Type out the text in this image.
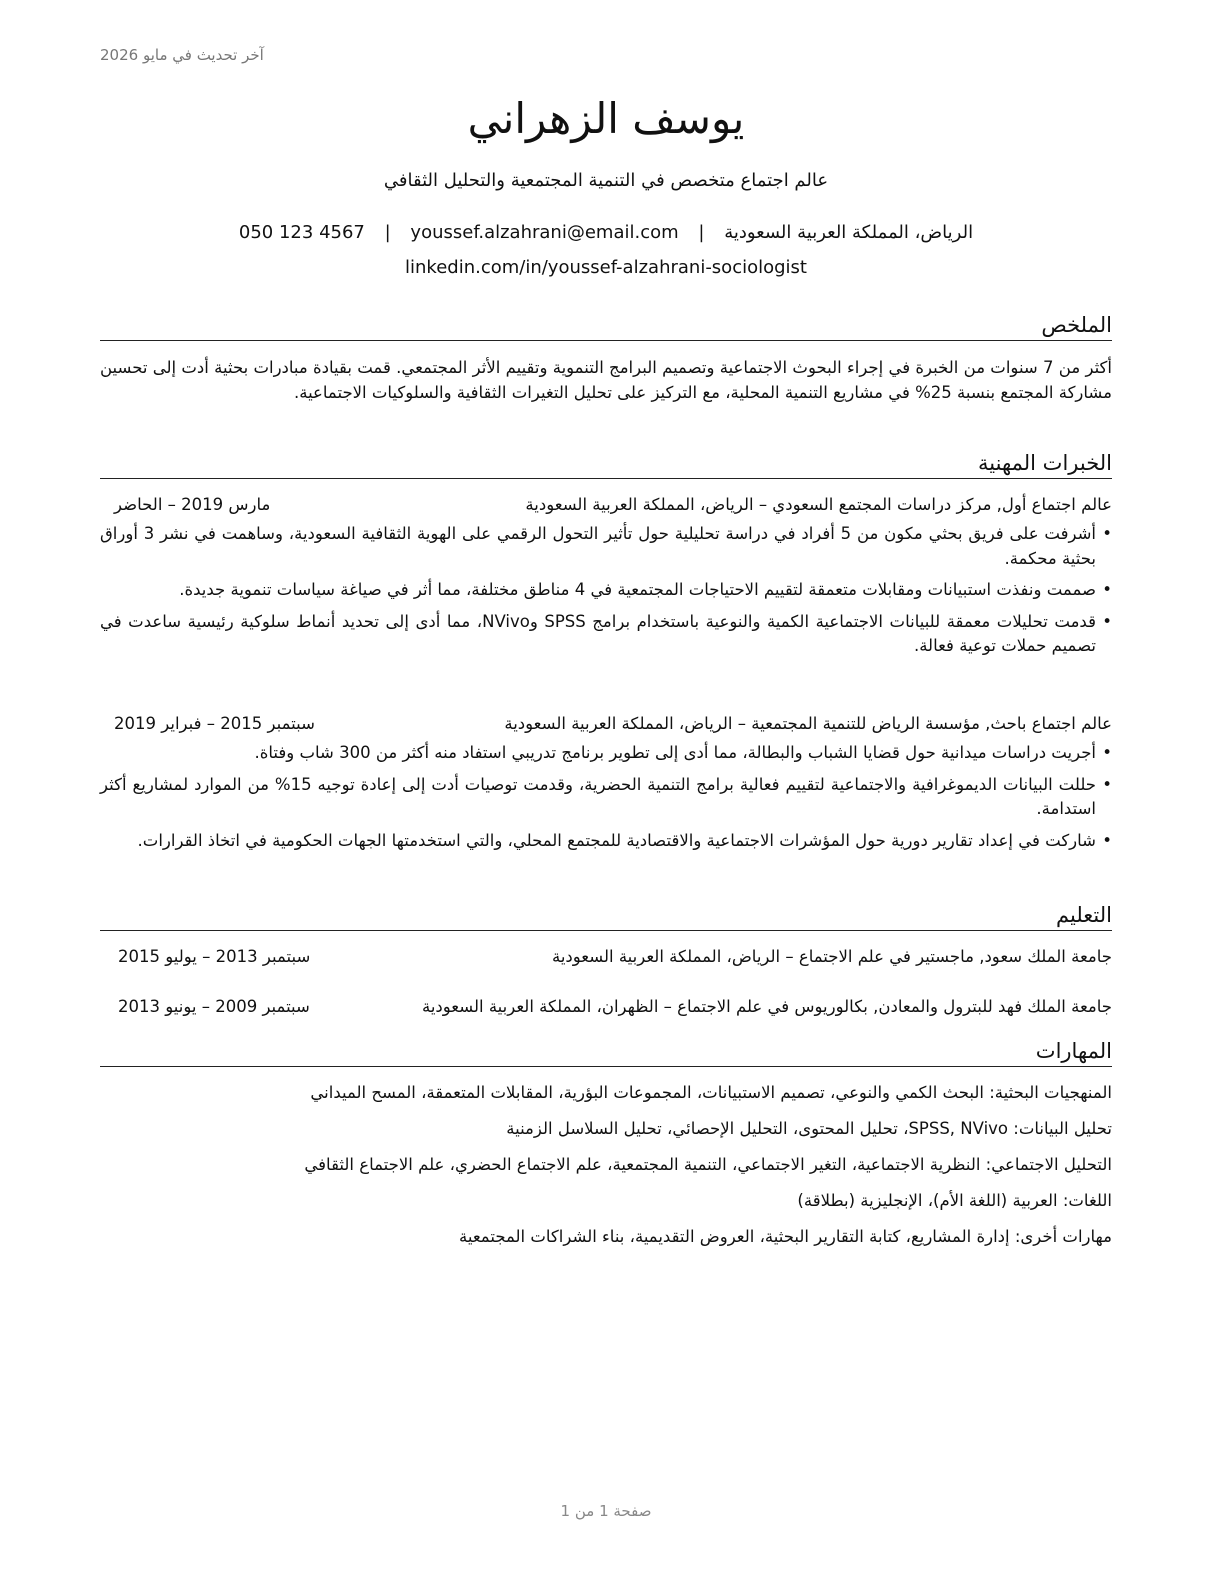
آخر تحديث في مايو 2026
يوسف الزهراني
عالم اجتماع متخصص في التنمية المجتمعية والتحليل الثقافي
الرياض، المملكة العربية السعودية | youssef.alzahrani@email.com | 050 123 4567
linkedin.com/in/youssef-alzahrani-sociologist
الملخص

أكثر من 7 سنوات من الخبرة في إجراء البحوث الاجتماعية وتصميم البرامج التنموية وتقييم الأثر المجتمعي. قمت بقيادة مبادرات بحثية أدت إلى تحسين مشاركة المجتمع بنسبة 25% في مشاريع التنمية المحلية، مع التركيز على تحليل التغيرات الثقافية والسلوكيات الاجتماعية.

الخبرات المهنية
عالم اجتماع أول, مركز دراسات المجتمع السعودي – الرياض، المملكة العربية السعودية
مارس 2019 – الحاضر
•
أشرفت على فريق بحثي مكون من 5 أفراد في دراسة تحليلية حول تأثير التحول الرقمي على الهوية الثقافية السعودية، وساهمت في نشر 3 أوراق بحثية محكمة.
•
صممت ونفذت استبيانات ومقابلات متعمقة لتقييم الاحتياجات المجتمعية في 4 مناطق مختلفة، مما أثر في صياغة سياسات تنموية جديدة.
•
قدمت تحليلات معمقة للبيانات الاجتماعية الكمية والنوعية باستخدام برامج SPSS وNVivo، مما أدى إلى تحديد أنماط سلوكية رئيسية ساعدت في تصميم حملات توعية فعالة.
عالم اجتماع باحث, مؤسسة الرياض للتنمية المجتمعية – الرياض، المملكة العربية السعودية
سبتمبر 2015 – فبراير 2019
•
أجريت دراسات ميدانية حول قضايا الشباب والبطالة، مما أدى إلى تطوير برنامج تدريبي استفاد منه أكثر من 300 شاب وفتاة.
•
حللت البيانات الديموغرافية والاجتماعية لتقييم فعالية برامج التنمية الحضرية، وقدمت توصيات أدت إلى إعادة توجيه 15% من الموارد لمشاريع أكثر استدامة.
•
شاركت في إعداد تقارير دورية حول المؤشرات الاجتماعية والاقتصادية للمجتمع المحلي، والتي استخدمتها الجهات الحكومية في اتخاذ القرارات.
التعليم
جامعة الملك سعود, ماجستير في علم الاجتماع – الرياض، المملكة العربية السعودية
سبتمبر 2013 – يوليو 2015
جامعة الملك فهد للبترول والمعادن, بكالوريوس في علم الاجتماع – الظهران، المملكة العربية السعودية
سبتمبر 2009 – يونيو 2013
المهارات
المنهجيات البحثية: البحث الكمي والنوعي، تصميم الاستبيانات، المجموعات البؤرية، المقابلات المتعمقة، المسح الميداني
تحليل البيانات: SPSS, NVivo، تحليل المحتوى، التحليل الإحصائي، تحليل السلاسل الزمنية
التحليل الاجتماعي: النظرية الاجتماعية، التغير الاجتماعي، التنمية المجتمعية، علم الاجتماع الحضري، علم الاجتماع الثقافي
اللغات: العربية (اللغة الأم)، الإنجليزية (بطلاقة)
مهارات أخرى: إدارة المشاريع، كتابة التقارير البحثية، العروض التقديمية، بناء الشراكات المجتمعية
صفحة 1 من 1
